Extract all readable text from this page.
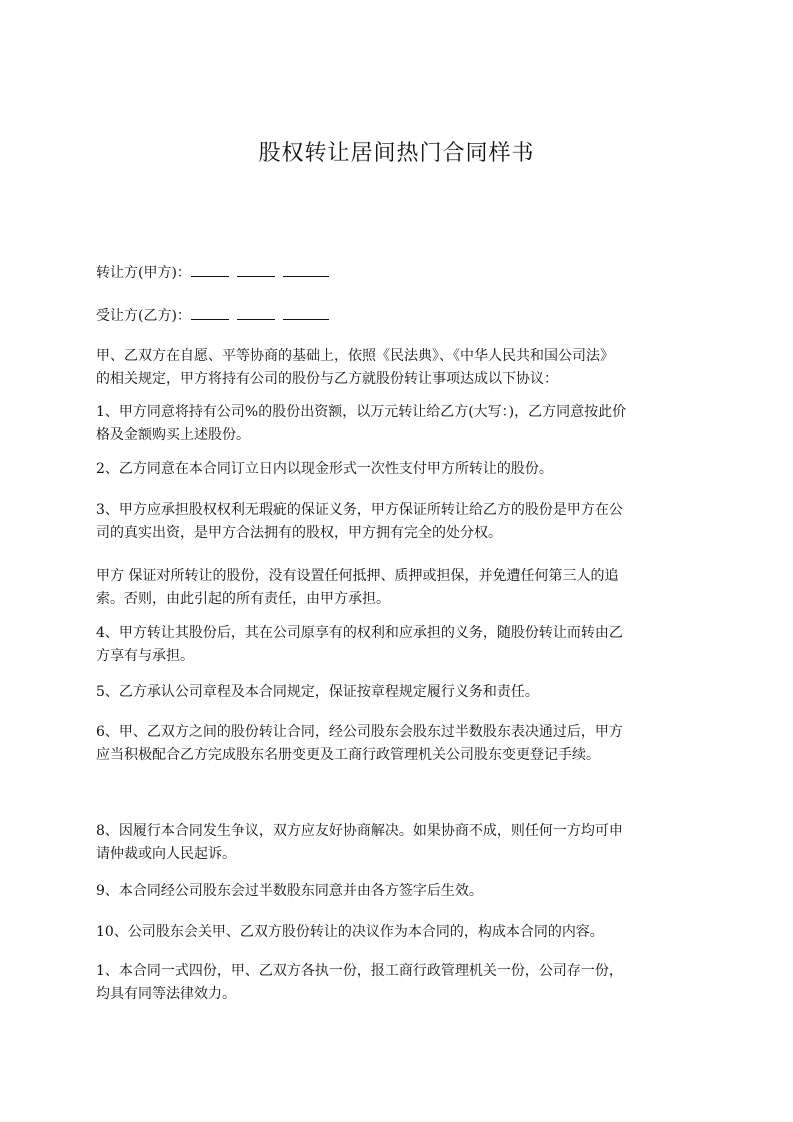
股权转让居间热门合同样书
转让方(甲方)：
受让方(乙方)：
甲、乙双方在自愿、平等协商的基础上，依照《民法典》、《中华人民共和国公司法》
的相关规定，甲方将持有公司的股份与乙方就股份转让事项达成以下协议：
1、甲方同意将持有公司%的股份出资额，以万元转让给乙方(大写：)，乙方同意按此价
格及金额购买上述股份。
2、乙方同意在本合同订立日内以现金形式一次性支付甲方所转让的股份。
3、甲方应承担股权权利无瑕疵的保证义务，甲方保证所转让给乙方的股份是甲方在公
司的真实出资，是甲方合法拥有的股权，甲方拥有完全的处分权。
甲方 保证对所转让的股份，没有设置任何抵押、质押或担保，并免遭任何第三人的追
索。否则，由此引起的所有责任，由甲方承担。
4、甲方转让其股份后，其在公司原享有的权利和应承担的义务，随股份转让而转由乙
方享有与承担。
5、乙方承认公司章程及本合同规定，保证按章程规定履行义务和责任。
6、甲、乙双方之间的股份转让合同，经公司股东会股东过半数股东表决通过后，甲方
应当积极配合乙方完成股东名册变更及工商行政管理机关公司股东变更登记手续。
8、因履行本合同发生争议，双方应友好协商解决。如果协商不成，则任何一方均可申
请仲裁或向人民起诉。
9、本合同经公司股东会过半数股东同意并由各方签字后生效。
10、公司股东会关甲、乙双方股份转让的决议作为本合同的，构成本合同的内容。
1、本合同一式四份，甲、乙双方各执一份，报工商行政管理机关一份，公司存一份，
均具有同等法律效力。
